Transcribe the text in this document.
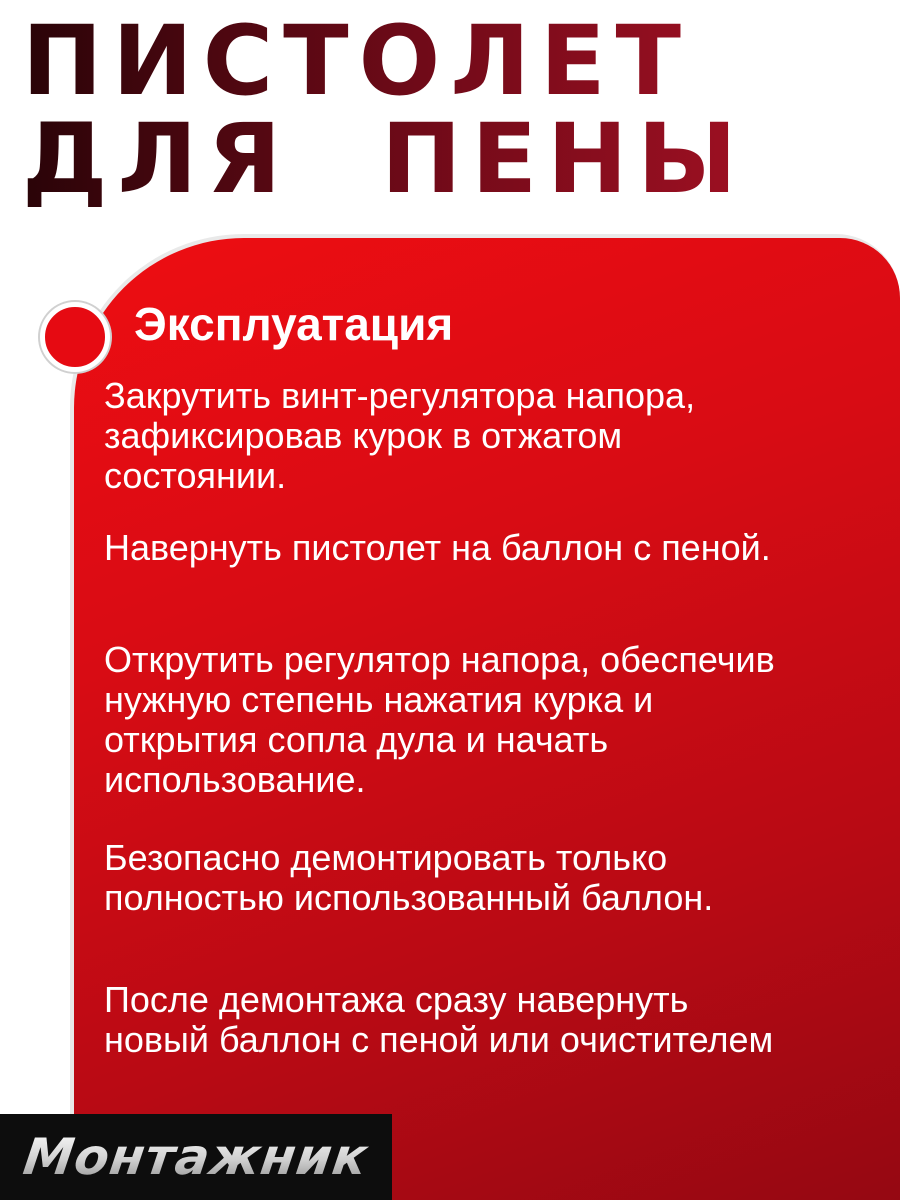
ПИСТОЛЕТ
ДЛЯ ПЕНЫ
Эксплуатация

Закрутить винт-регулятора напора, зафиксировав курок в отжатом состоянии.

Навернуть пистолет на баллон с пеной.

Открутить регулятор напора, обеспечив нужную степень нажатия курка и открытия сопла дула и начать использование.

Безопасно демонтировать только полностью использованный баллон.

После демонтажа сразу навернуть новый баллон с пеной или очистителем

Монтажник
